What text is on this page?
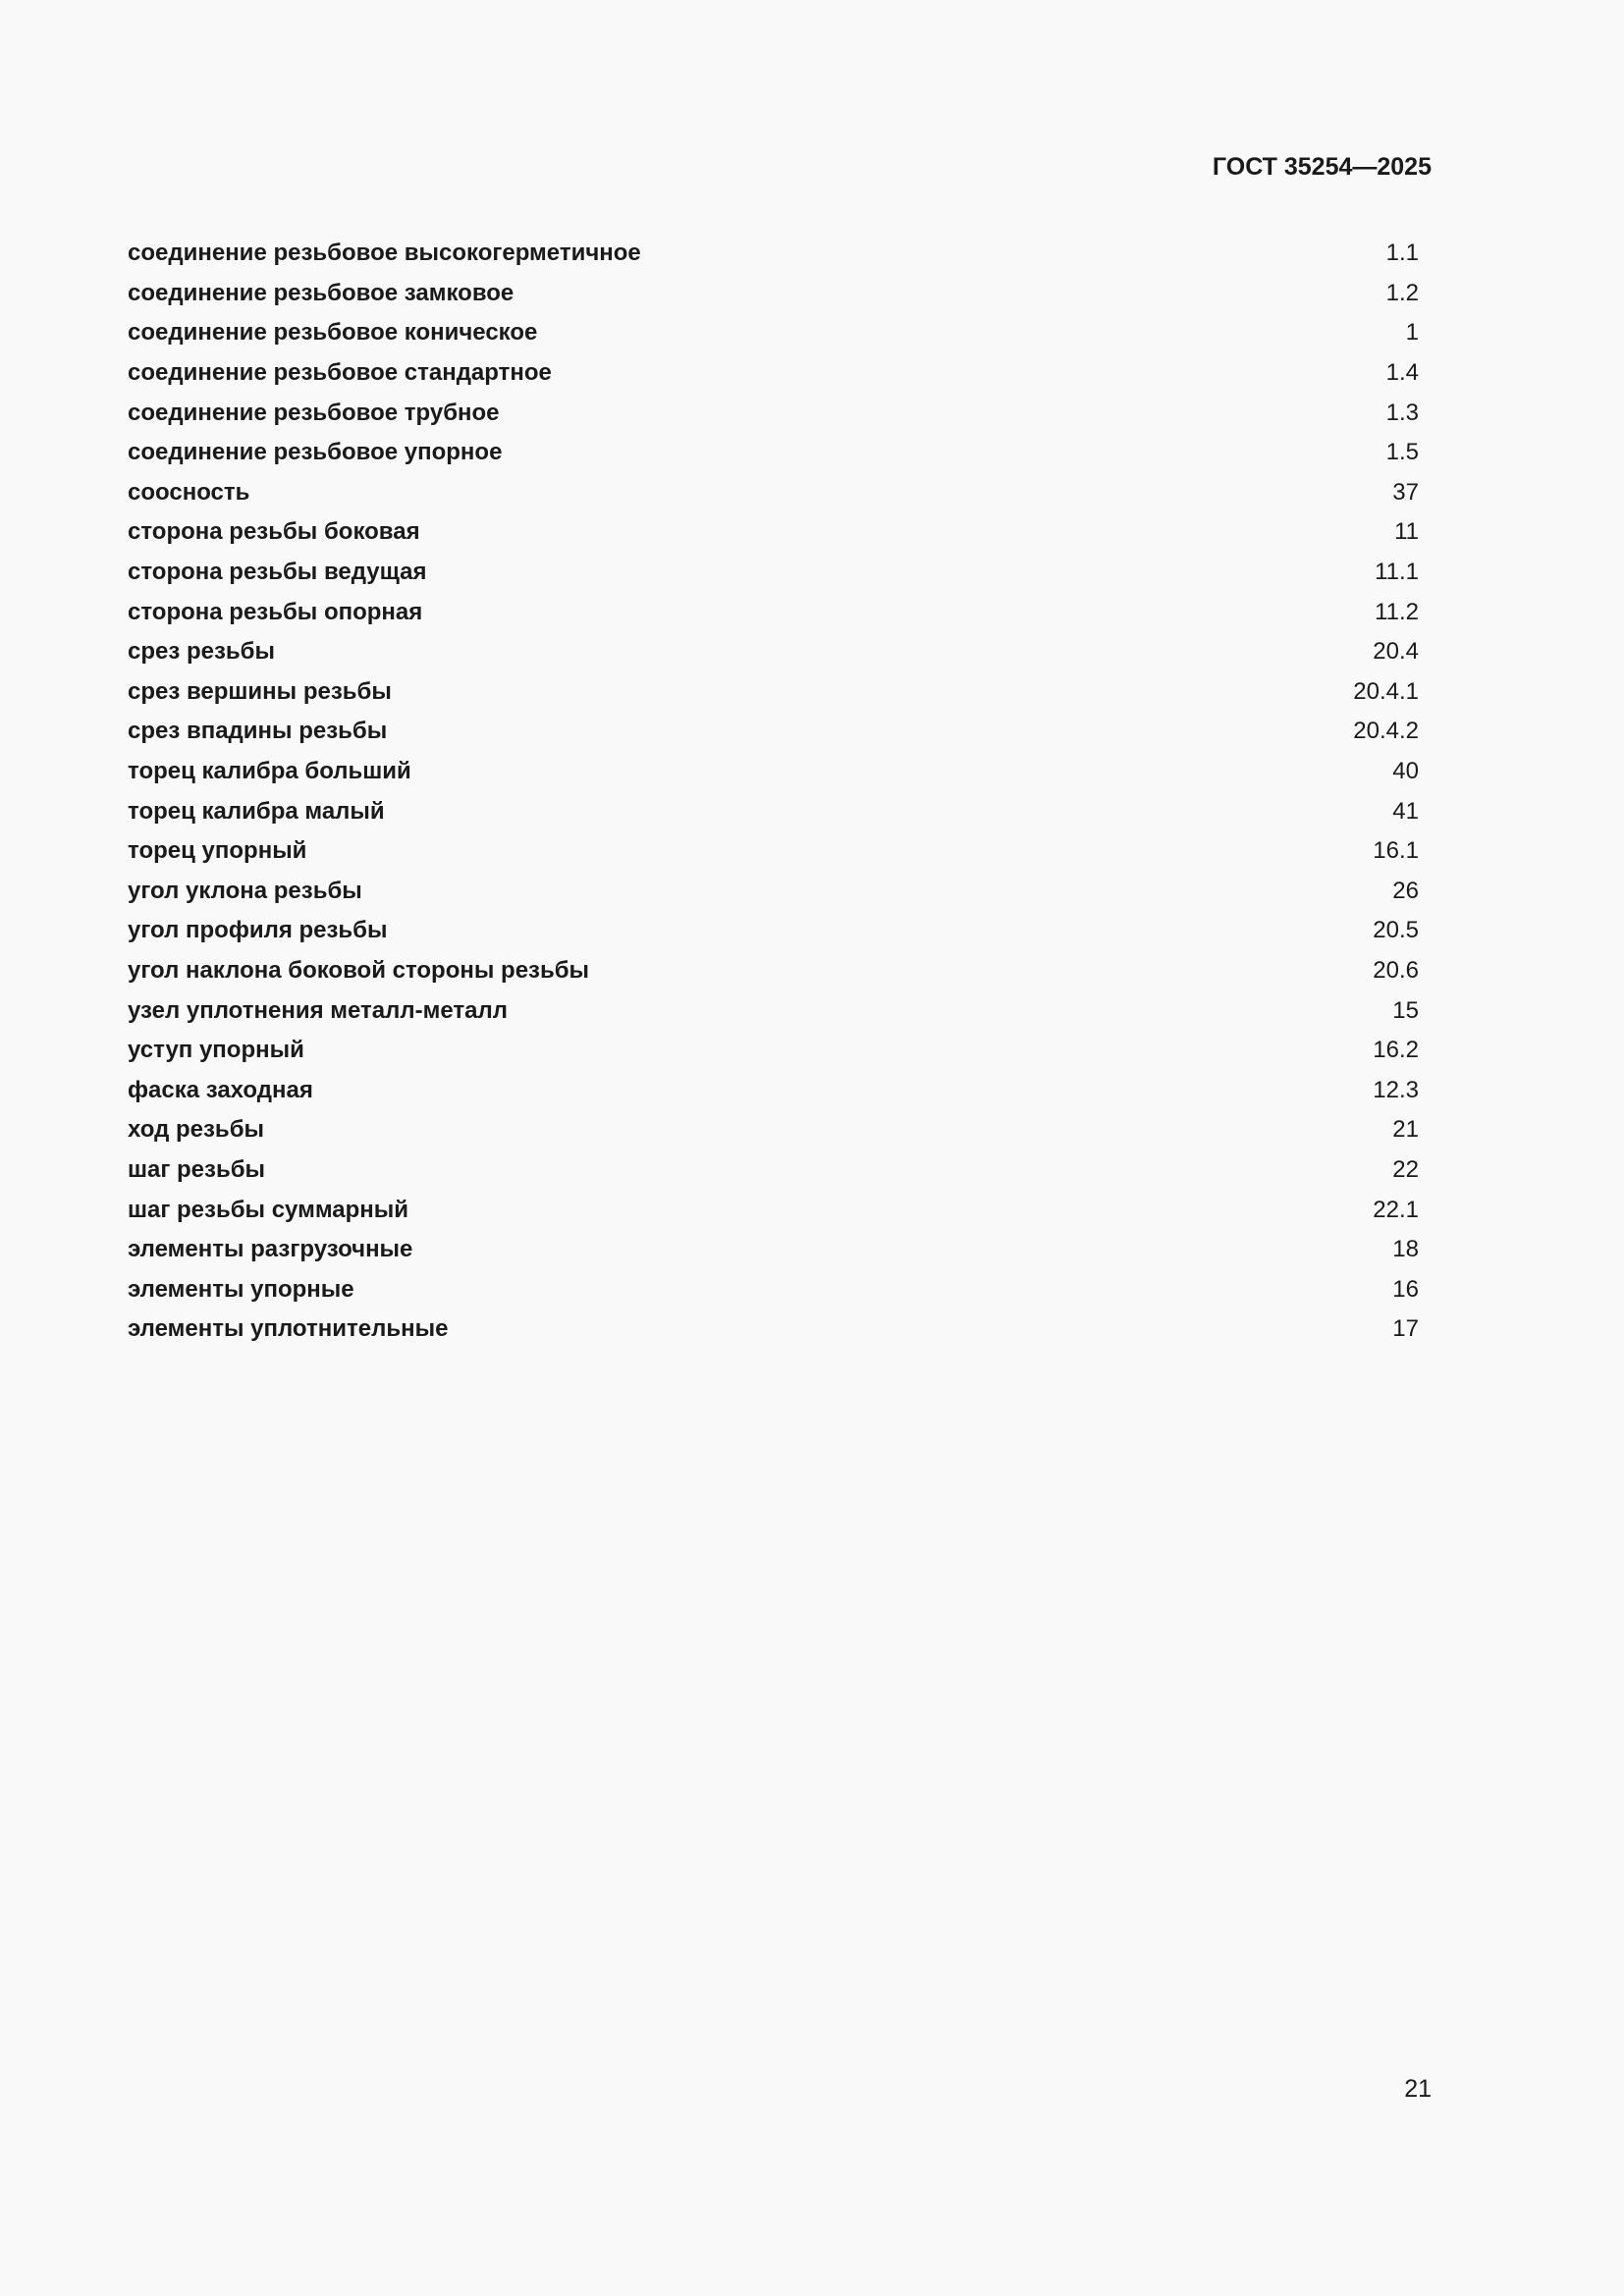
ГОСТ 35254—2025
соединение резьбовое высокогерметичное	1.1
соединение резьбовое замковое	1.2
соединение резьбовое коническое	1
соединение резьбовое стандартное	1.4
соединение резьбовое трубное	1.3
соединение резьбовое упорное	1.5
соосность	37
сторона резьбы боковая	11
сторона резьбы ведущая	11.1
сторона резьбы опорная	11.2
срез резьбы	20.4
срез вершины резьбы	20.4.1
срез впадины резьбы	20.4.2
торец калибра больший	40
торец калибра малый	41
торец упорный	16.1
угол уклона резьбы	26
угол профиля резьбы	20.5
угол наклона боковой стороны резьбы	20.6
узел уплотнения металл-металл	15
уступ упорный	16.2
фаска заходная	12.3
ход резьбы	21
шаг резьбы	22
шаг резьбы суммарный	22.1
элементы разгрузочные	18
элементы упорные	16
элементы уплотнительные	17
21
